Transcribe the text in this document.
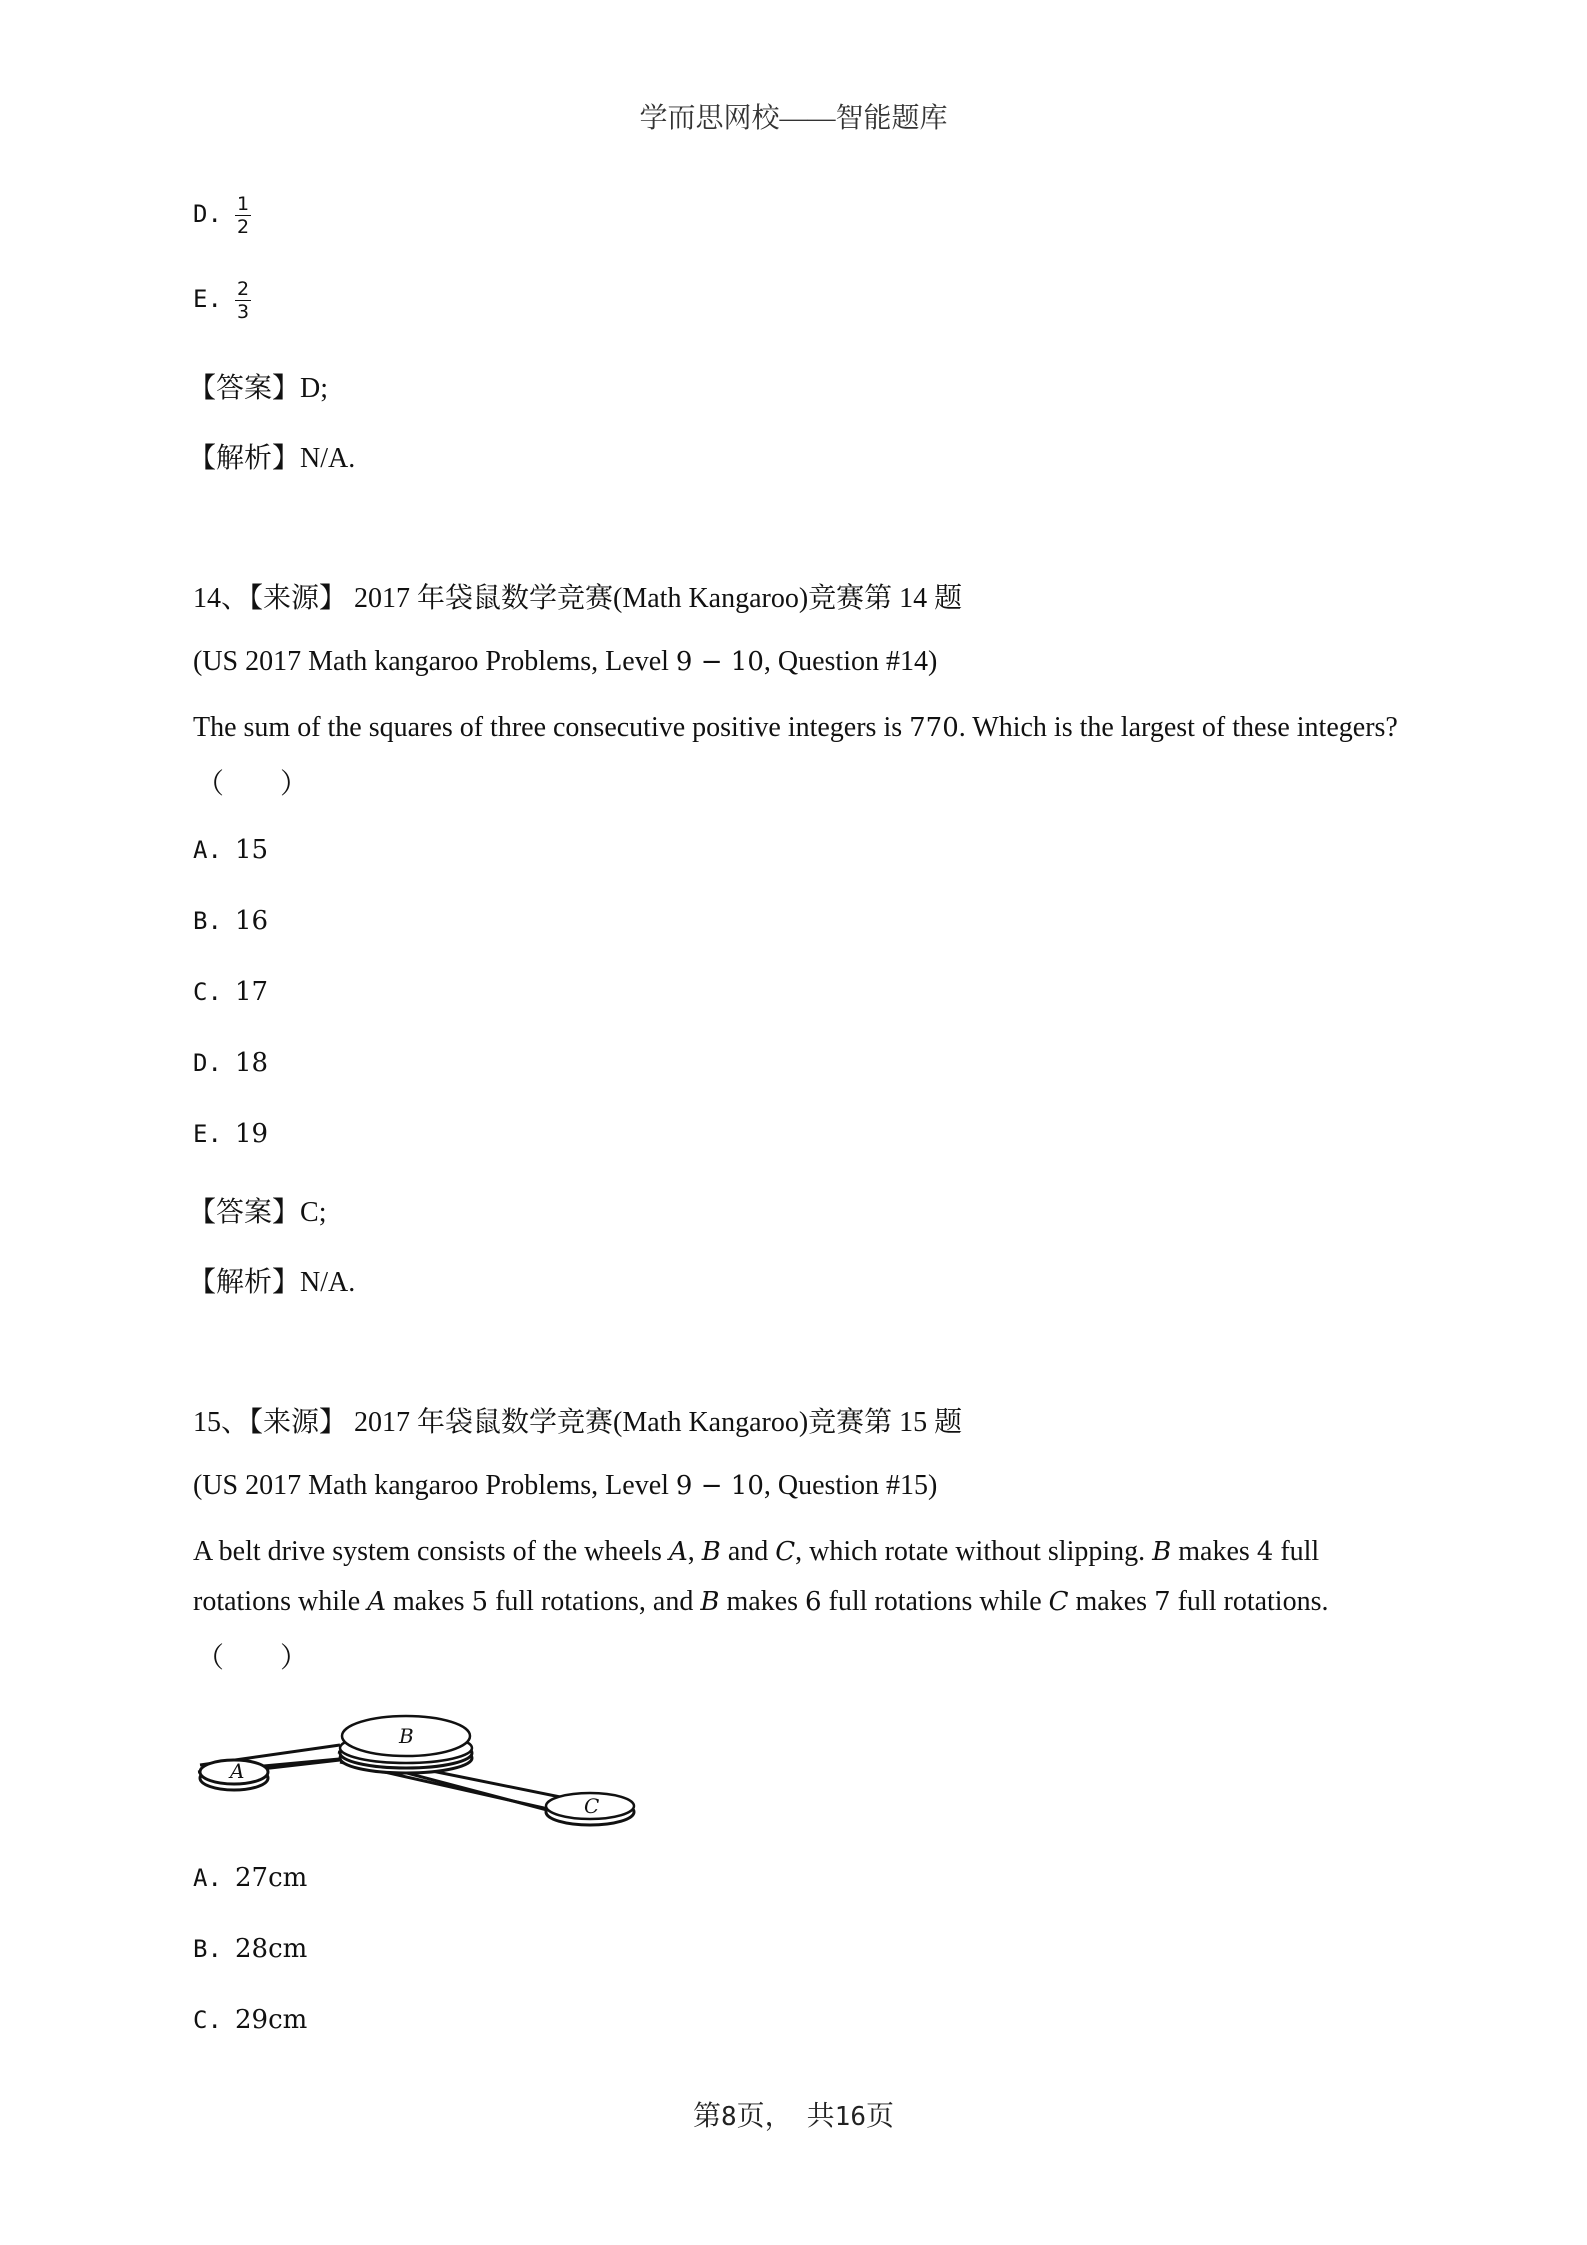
学而思网校——智能题库
D. $\frac{1}{2}$
E. $\frac{2}{3}$
【答案】D;
【解析】N/A.
14、【来源】 2017 年袋鼠数学竞赛(Math Kangaroo)竞赛第 14 题
(US 2017 Math kangaroo Problems, Level 9 − 10, Question #14)
The sum of the squares of three consecutive positive integers is 770. Which is the largest of these integers?
（　　）
A. 15
B. 16
C. 17
D. 18
E. 19
【答案】C;
【解析】N/A.
15、【来源】 2017 年袋鼠数学竞赛(Math Kangaroo)竞赛第 15 题
(US 2017 Math kangaroo Problems, Level 9 − 10, Question #15)
A belt drive system consists of the wheels A, B and C, which rotate without slipping. B makes 4 full
rotations while A makes 5 full rotations, and B makes 6 full rotations while C makes 7 full rotations.
（　　）
A
B
C
A. 27cm
B. 28cm
C. 29cm
第8页，　共16页
